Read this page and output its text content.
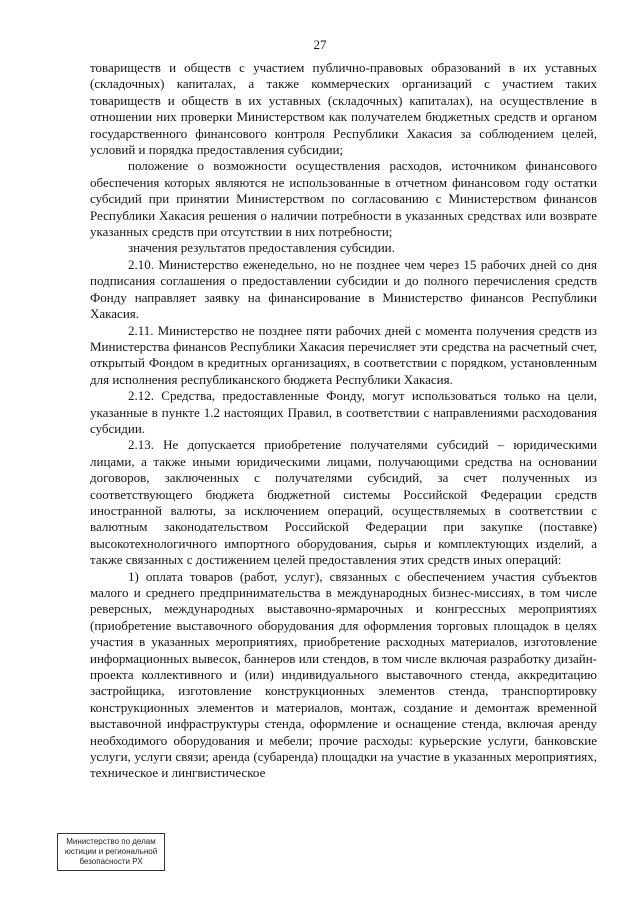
27

товариществ и обществ с участием публично-правовых образований в их уставных (складочных) капиталах, а также коммерческих организаций с участием таких товариществ и обществ в их уставных (складочных) капиталах), на осуществление в отношении них проверки Министерством как получателем бюджетных средств и органом государственного финансового контроля Республики Хакасия за соблюдением целей, условий и порядка предоставления субсидии;

положение о возможности осуществления расходов, источником финансового обеспечения которых являются не использованные в отчетном финансовом году остатки субсидий при принятии Министерством по согласованию с Министерством финансов Республики Хакасия решения о наличии потребности в указанных средствах или возврате указанных средств при отсутствии в них потребности;

значения результатов предоставления субсидии.

2.10. Министерство еженедельно, но не позднее чем через 15 рабочих дней со дня подписания соглашения о предоставлении субсидии и до полного перечисления средств Фонду направляет заявку на финансирование в Министерство финансов Республики Хакасия.

2.11. Министерство не позднее пяти рабочих дней с момента получения средств из Министерства финансов Республики Хакасия перечисляет эти средства на расчетный счет, открытый Фондом в кредитных организациях, в соответствии с порядком, установленным для исполнения республиканского бюджета Республики Хакасия.

2.12. Средства, предоставленные Фонду, могут использоваться только на цели, указанные в пункте 1.2 настоящих Правил, в соответствии с направлениями расходования субсидии.

2.13. Не допускается приобретение получателями субсидий – юридическими лицами, а также иными юридическими лицами, получающими средства на основании договоров, заключенных с получателями субсидий, за счет полученных из соответствующего бюджета бюджетной системы Российской Федерации средств иностранной валюты, за исключением операций, осуществляемых в соответствии с валютным законодательством Российской Федерации при закупке (поставке) высокотехнологичного импортного оборудования, сырья и комплектующих изделий, а также связанных с достижением целей предоставления этих средств иных операций:

1) оплата товаров (работ, услуг), связанных с обеспечением участия субъектов малого и среднего предпринимательства в международных бизнес-миссиях, в том числе реверсных, международных выставочно-ярмарочных и конгрессных мероприятиях (приобретение выставочного оборудования для оформления торговых площадок в целях участия в указанных мероприятиях, приобретение расходных материалов, изготовление информационных вывесок, баннеров или стендов, в том числе включая разработку дизайн-проекта коллективного и (или) индивидуального выставочного стенда, аккредитацию застройщика, изготовление конструкционных элементов стенда, транспортировку конструкционных элементов и материалов, монтаж, создание и демонтаж временной выставочной инфраструктуры стенда, оформление и оснащение стенда, включая аренду необходимого оборудования и мебели; прочие расходы: курьерские услуги, банковские услуги, услуги связи; аренда (субаренда) площадки на участие в указанных мероприятиях, техническое и лингвистическое

Министерство по делам
юстиции и региональной
безопасности РХ
